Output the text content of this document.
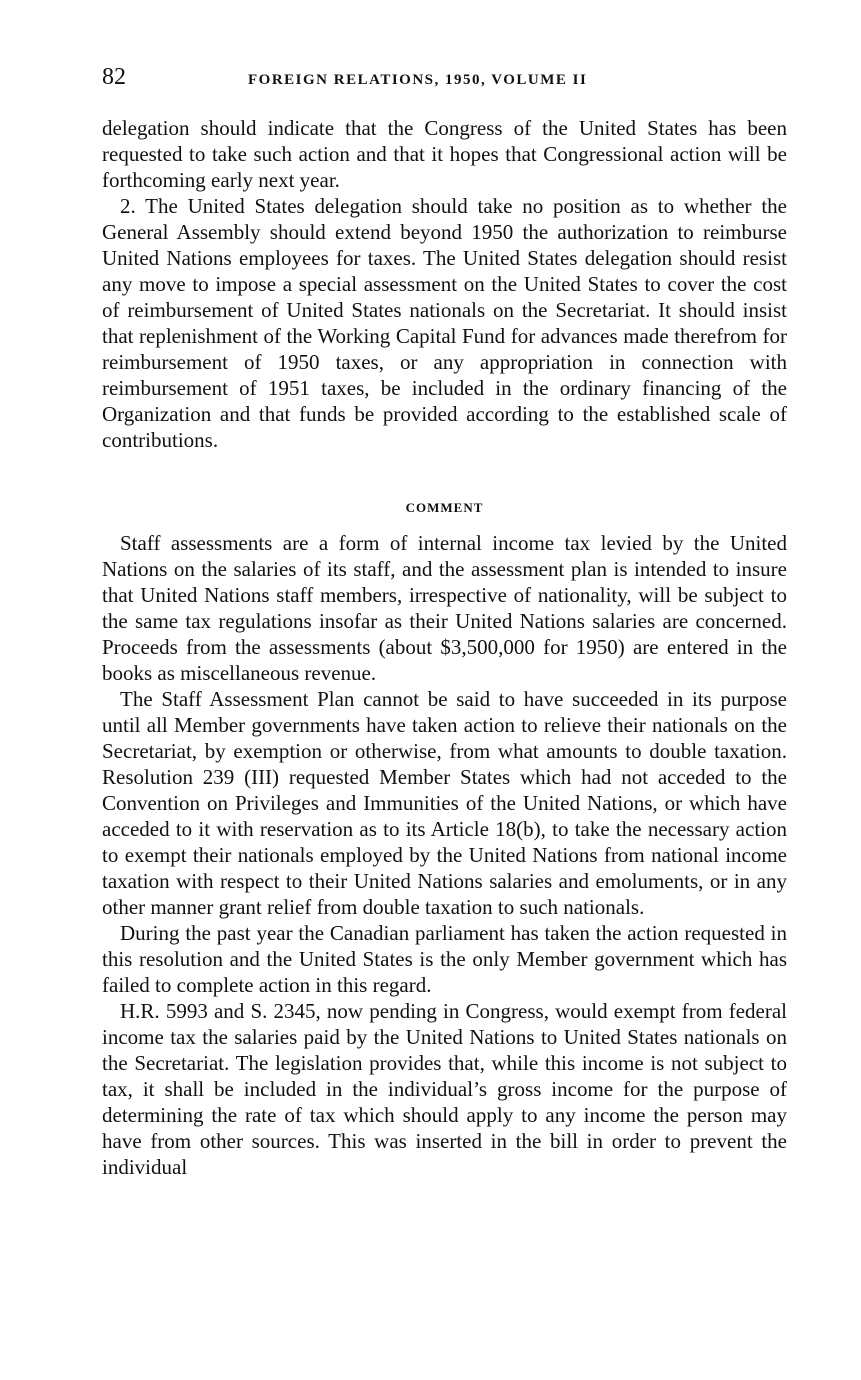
82	FOREIGN RELATIONS, 1950, VOLUME II

delegation should indicate that the Congress of the United States has been requested to take such action and that it hopes that Congressional action will be forthcoming early next year.

2. The United States delegation should take no position as to whether the General Assembly should extend beyond 1950 the authorization to reimburse United Nations employees for taxes. The United States delegation should resist any move to impose a special assessment on the United States to cover the cost of reimbursement of United States nationals on the Secretariat. It should insist that replenishment of the Working Capital Fund for advances made therefrom for reimbursement of 1950 taxes, or any appropriation in connection with reimbursement of 1951 taxes, be included in the ordinary financing of the Organization and that funds be provided according to the established scale of contributions.

COMMENT

Staff assessments are a form of internal income tax levied by the United Nations on the salaries of its staff, and the assessment plan is intended to insure that United Nations staff members, irrespective of nationality, will be subject to the same tax regulations insofar as their United Nations salaries are concerned. Proceeds from the assessments (about $3,500,000 for 1950) are entered in the books as miscellaneous revenue.

The Staff Assessment Plan cannot be said to have succeeded in its purpose until all Member governments have taken action to relieve their nationals on the Secretariat, by exemption or otherwise, from what amounts to double taxation. Resolution 239 (III) requested Member States which had not acceded to the Convention on Privileges and Immunities of the United Nations, or which have acceded to it with reservation as to its Article 18(b), to take the necessary action to exempt their nationals employed by the United Nations from national income taxation with respect to their United Nations salaries and emoluments, or in any other manner grant relief from double taxation to such nationals.

During the past year the Canadian parliament has taken the action requested in this resolution and the United States is the only Member government which has failed to complete action in this regard.

H.R. 5993 and S. 2345, now pending in Congress, would exempt from federal income tax the salaries paid by the United Nations to United States nationals on the Secretariat. The legislation provides that, while this income is not subject to tax, it shall be included in the individual’s gross income for the purpose of determining the rate of tax which should apply to any income the person may have from other sources. This was inserted in the bill in order to prevent the individual
